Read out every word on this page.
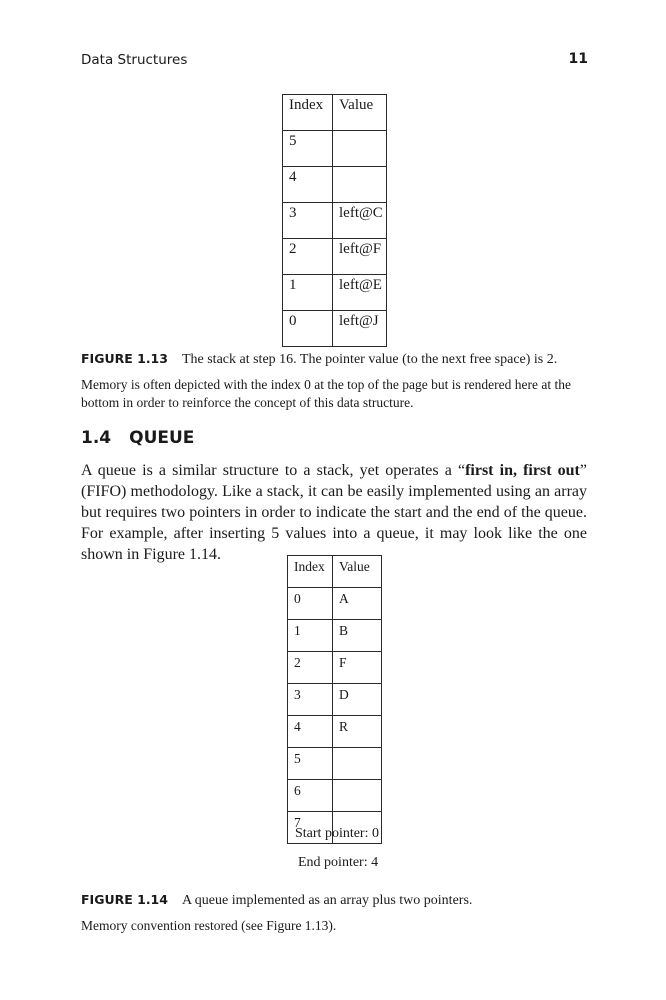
Data Structures	11
Index	Value
5	
4	
3	left@C
2	left@F
1	left@E
0	left@J
FIGURE 1.13 The stack at step 16. The pointer value (to the next free space) is 2.
Memory is often depicted with the index 0 at the top of the page but is rendered here at the bottom in order to reinforce the concept of this data structure.
1.4 QUEUE
A queue is a similar structure to a stack, yet operates a “first in, first out” (FIFO) methodology. Like a stack, it can be easily implemented using an array but requires two pointers in order to indicate the start and the end of the queue. For example, after inserting 5 values into a queue, it may look like the one shown in Figure 1.14.
Index	Value
0	A
1	B
2	F
3	D
4	R
5	
6	
7	
Start pointer: 0
End pointer: 4
FIGURE 1.14 A queue implemented as an array plus two pointers.
Memory convention restored (see Figure 1.13).
